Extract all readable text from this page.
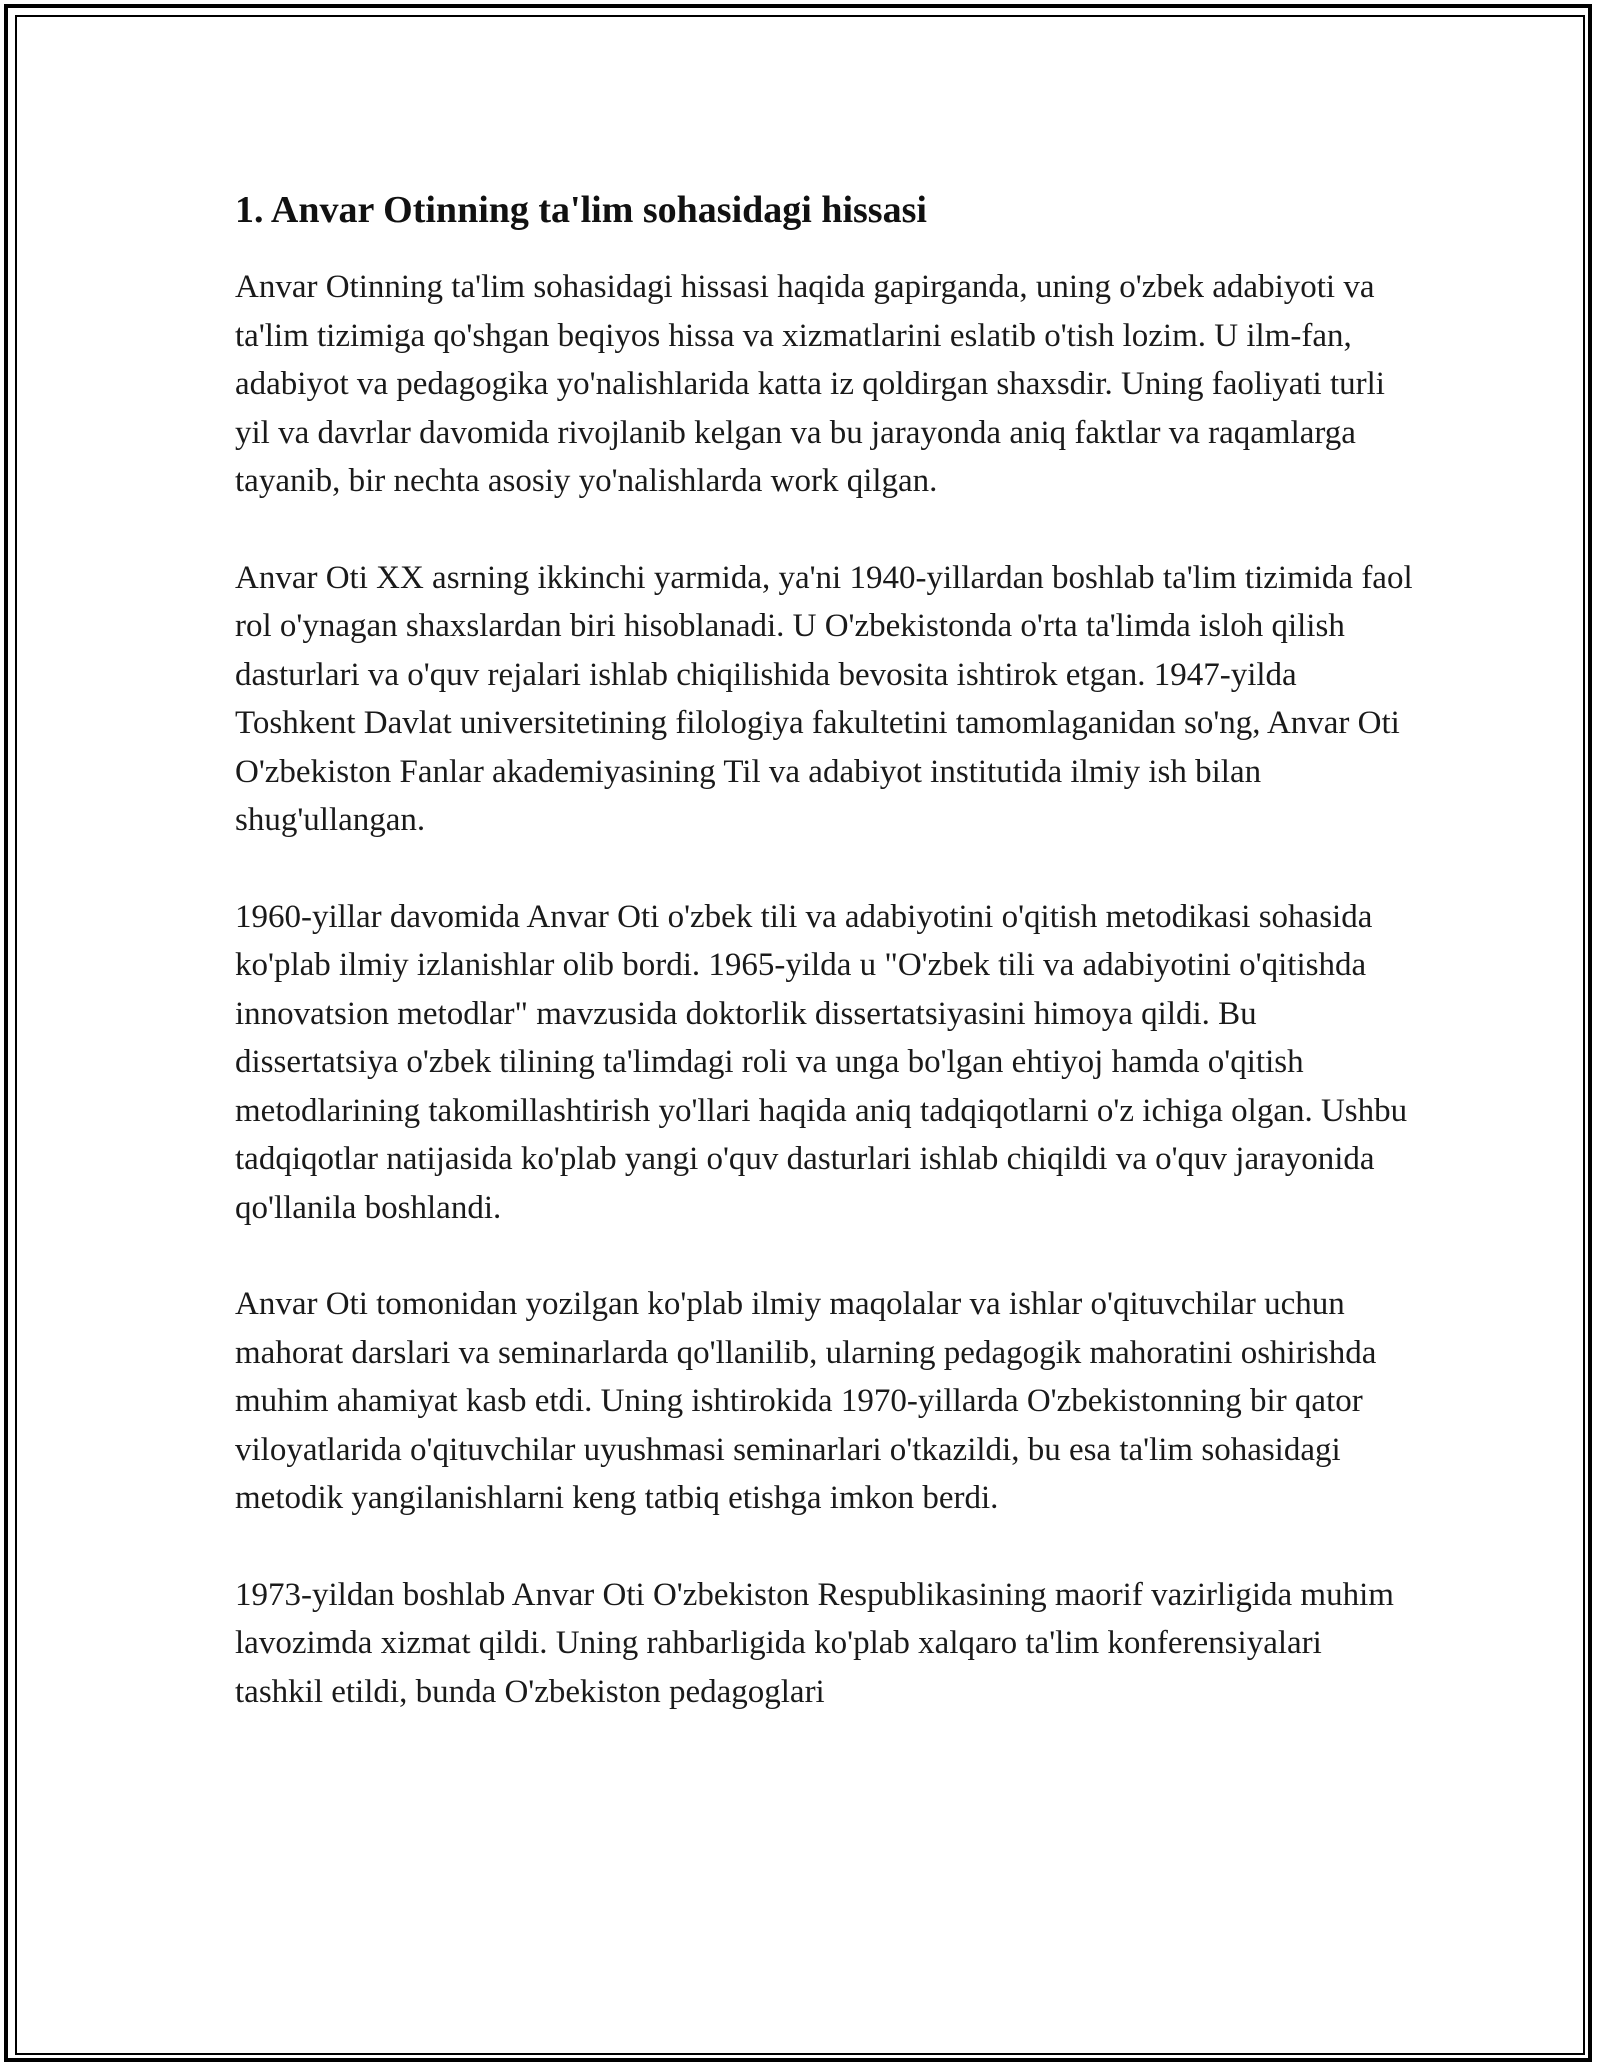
1. Anvar Otinning ta'lim sohasidagi hissasi

Anvar Otinning ta'lim sohasidagi hissasi haqida gapirganda, uning o'zbek adabiyoti va ta'lim tizimiga qo'shgan beqiyos hissa va xizmatlarini eslatib o'tish lozim. U ilm-fan, adabiyot va pedagogika yo'nalishlarida katta iz qoldirgan shaxsdir. Uning faoliyati turli yil va davrlar davomida rivojlanib kelgan va bu jarayonda aniq faktlar va raqamlarga tayanib, bir nechta asosiy yo'nalishlarda work qilgan.

Anvar Oti XX asrning ikkinchi yarmida, ya'ni 1940-yillardan boshlab ta'lim tizimida faol rol o'ynagan shaxslardan biri hisoblanadi. U O'zbekistonda o'rta ta'limda isloh qilish dasturlari va o'quv rejalari ishlab chiqilishida bevosita ishtirok etgan. 1947-yilda Toshkent Davlat universitetining filologiya fakultetini tamomlaganidan so'ng, Anvar Oti O'zbekiston Fanlar akademiyasining Til va adabiyot institutida ilmiy ish bilan shug'ullangan.

1960-yillar davomida Anvar Oti o'zbek tili va adabiyotini o'qitish metodikasi sohasida ko'plab ilmiy izlanishlar olib bordi. 1965-yilda u "O'zbek tili va adabiyotini o'qitishda innovatsion metodlar" mavzusida doktorlik dissertatsiyasini himoya qildi. Bu dissertatsiya o'zbek tilining ta'limdagi roli va unga bo'lgan ehtiyoj hamda o'qitish metodlarining takomillashtirish yo'llari haqida aniq tadqiqotlarni o'z ichiga olgan. Ushbu tadqiqotlar natijasida ko'plab yangi o'quv dasturlari ishlab chiqildi va o'quv jarayonida qo'llanila boshlandi.

Anvar Oti tomonidan yozilgan ko'plab ilmiy maqolalar va ishlar o'qituvchilar uchun mahorat darslari va seminarlarda qo'llanilib, ularning pedagogik mahoratini oshirishda muhim ahamiyat kasb etdi. Uning ishtirokida 1970-yillarda O'zbekistonning bir qator viloyatlarida o'qituvchilar uyushmasi seminarlari o'tkazildi, bu esa ta'lim sohasidagi metodik yangilanishlarni keng tatbiq etishga imkon berdi.

1973-yildan boshlab Anvar Oti O'zbekiston Respublikasining maorif vazirligida muhim lavozimda xizmat qildi. Uning rahbarligida ko'plab xalqaro ta'lim konferensiyalari tashkil etildi, bunda O'zbekiston pedagoglari
